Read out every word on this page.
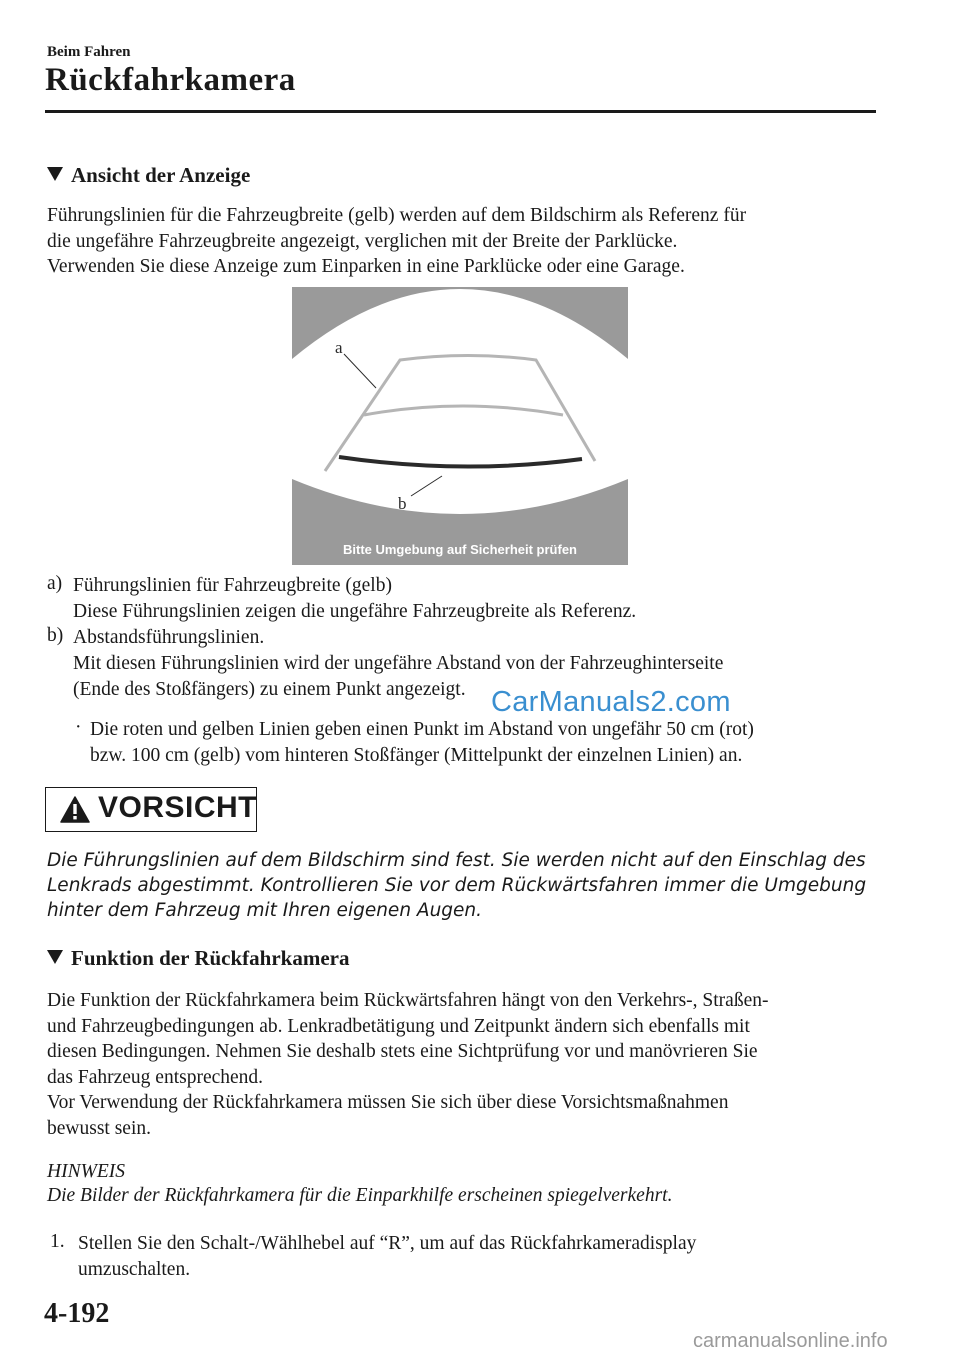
Beim Fahren
Rückfahrkamera
Ansicht der Anzeige

Führungslinien für die Fahrzeugbreite (gelb) werden auf dem Bildschirm als Referenz für

die ungefähre Fahrzeugbreite angezeigt, verglichen mit der Breite der Parklücke.

Verwenden Sie diese Anzeige zum Einparken in eine Parklücke oder eine Garage.

a
b
Bitte Umgebung auf Sicherheit prüfen
a) Führungslinien für Fahrzeugbreite (gelb)
Diese Führungslinien zeigen die ungefähre Fahrzeugbreite als Referenz.
b) Abstandsführungslinien.
Mit diesen Führungslinien wird der ungefähre Abstand von der Fahrzeughinterseite
(Ende des Stoßfängers) zu einem Punkt angezeigt.
· Die roten und gelben Linien geben einen Punkt im Abstand von ungefähr 50 cm (rot)
bzw. 100 cm (gelb) vom hinteren Stoßfänger (Mittelpunkt der einzelnen Linien) an.
CarManuals2.com
VORSICHT

Die Führungslinien auf dem Bildschirm sind fest. Sie werden nicht auf den Einschlag des

Lenkrads abgestimmt. Kontrollieren Sie vor dem Rückwärtsfahren immer die Umgebung

hinter dem Fahrzeug mit Ihren eigenen Augen.

Funktion der Rückfahrkamera

Die Funktion der Rückfahrkamera beim Rückwärtsfahren hängt von den Verkehrs-, Straßen-

und Fahrzeugbedingungen ab. Lenkradbetätigung und Zeitpunkt ändern sich ebenfalls mit

diesen Bedingungen. Nehmen Sie deshalb stets eine Sichtprüfung vor und manövrieren Sie

das Fahrzeug entsprechend.

Vor Verwendung der Rückfahrkamera müssen Sie sich über diese Vorsichtsmaßnahmen

bewusst sein.

HINWEIS
Die Bilder der Rückfahrkamera für die Einparkhilfe erscheinen spiegelverkehrt.
1. Stellen Sie den Schalt-/Wählhebel auf “R”, um auf das Rückfahrkameradisplay
umzuschalten.
4-192
carmanualsonline.info
